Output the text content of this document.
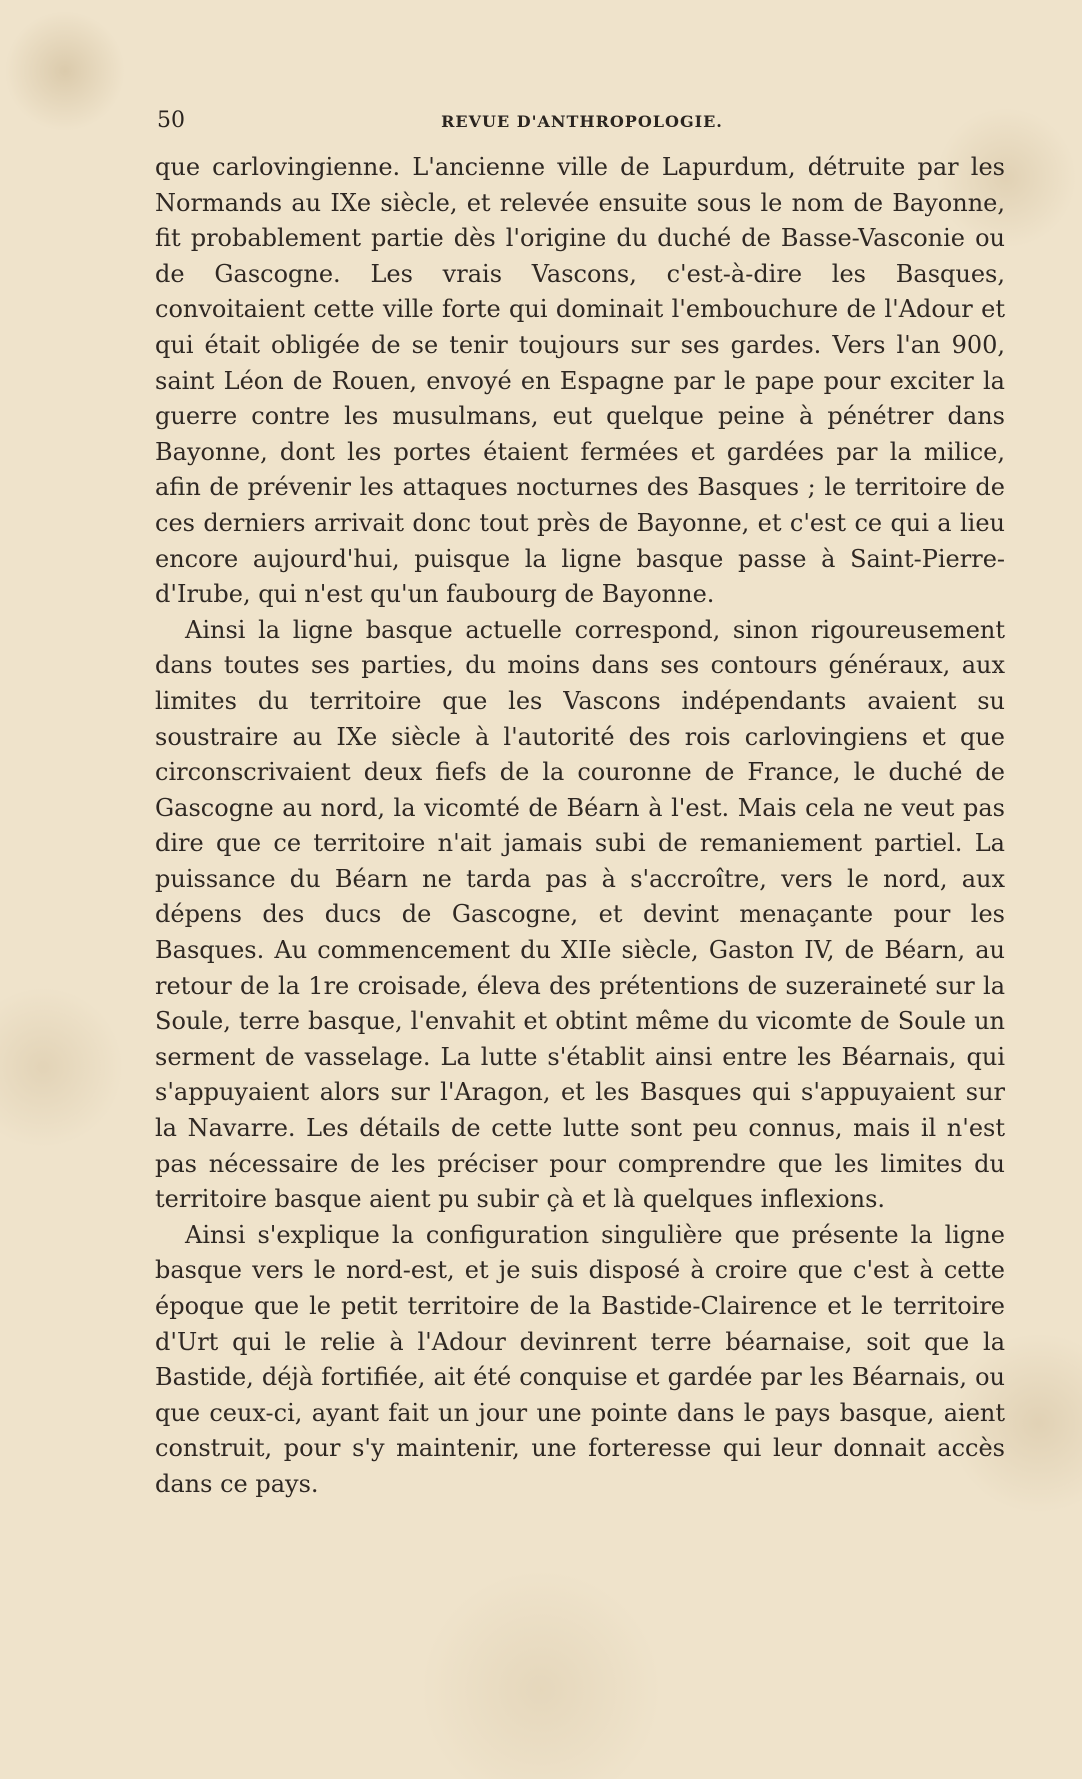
50	REVUE D'ANTHROPOLOGIE.

que carlovingienne. L'ancienne ville de Lapurdum, détruite par les Normands au IXe siècle, et relevée ensuite sous le nom de Bayonne, fit probablement partie dès l'origine du duché de Basse-Vasconie ou de Gascogne. Les vrais Vascons, c'est-à-dire les Basques, convoitaient cette ville forte qui dominait l'embouchure de l'Adour et qui était obligée de se tenir toujours sur ses gardes. Vers l'an 900, saint Léon de Rouen, envoyé en Espagne par le pape pour exciter la guerre contre les musulmans, eut quelque peine à pénétrer dans Bayonne, dont les portes étaient fermées et gardées par la milice, afin de prévenir les attaques nocturnes des Basques ; le territoire de ces derniers arrivait donc tout près de Bayonne, et c'est ce qui a lieu encore aujourd'hui, puisque la ligne basque passe à Saint-Pierre-d'Irube, qui n'est qu'un faubourg de Bayonne.

Ainsi la ligne basque actuelle correspond, sinon rigoureusement dans toutes ses parties, du moins dans ses contours généraux, aux limites du territoire que les Vascons indépendants avaient su soustraire au IXe siècle à l'autorité des rois carlovingiens et que circonscrivaient deux fiefs de la couronne de France, le duché de Gascogne au nord, la vicomté de Béarn à l'est. Mais cela ne veut pas dire que ce territoire n'ait jamais subi de remaniement partiel. La puissance du Béarn ne tarda pas à s'accroître, vers le nord, aux dépens des ducs de Gascogne, et devint menaçante pour les Basques. Au commencement du XIIe siècle, Gaston IV, de Béarn, au retour de la 1re croisade, éleva des prétentions de suzeraineté sur la Soule, terre basque, l'envahit et obtint même du vicomte de Soule un serment de vasselage. La lutte s'établit ainsi entre les Béarnais, qui s'appuyaient alors sur l'Aragon, et les Basques qui s'appuyaient sur la Navarre. Les détails de cette lutte sont peu connus, mais il n'est pas nécessaire de les préciser pour comprendre que les limites du territoire basque aient pu subir çà et là quelques inflexions.

Ainsi s'explique la configuration singulière que présente la ligne basque vers le nord-est, et je suis disposé à croire que c'est à cette époque que le petit territoire de la Bastide-Clairence et le territoire d'Urt qui le relie à l'Adour devinrent terre béarnaise, soit que la Bastide, déjà fortifiée, ait été conquise et gardée par les Béarnais, ou que ceux-ci, ayant fait un jour une pointe dans le pays basque, aient construit, pour s'y maintenir, une forteresse qui leur donnait accès dans ce pays.
